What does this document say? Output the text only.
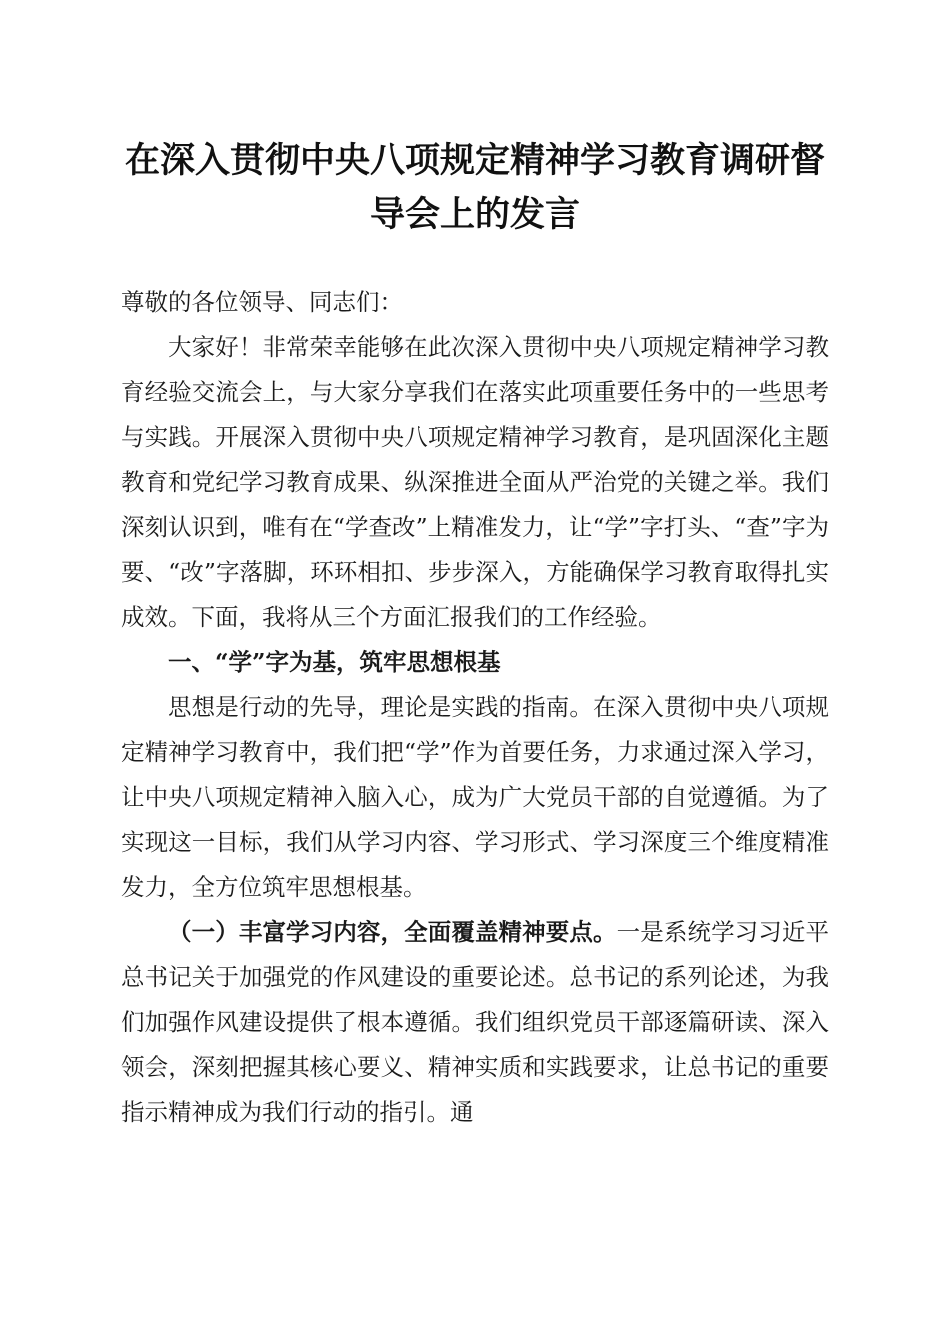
在深入贯彻中央八项规定精神学习教育调研督
导会上的发言

尊敬的各位领导、同志们：

大家好！非常荣幸能够在此次深入贯彻中央八项规定精神学习教育经验交流会上，与大家分享我们在落实此项重要任务中的一些思考与实践。开展深入贯彻中央八项规定精神学习教育，是巩固深化主题教育和党纪学习教育成果、纵深推进全面从严治党的关键之举。我们深刻认识到，唯有在“学查改”上精准发力，让“学”字打头、“查”字为要、“改”字落脚，环环相扣、步步深入，方能确保学习教育取得扎实成效。下面，我将从三个方面汇报我们的工作经验。

一、“学”字为基，筑牢思想根基

思想是行动的先导，理论是实践的指南。在深入贯彻中央八项规定精神学习教育中，我们把“学”作为首要任务，力求通过深入学习，让中央八项规定精神入脑入心，成为广大党员干部的自觉遵循。为了实现这一目标，我们从学习内容、学习形式、学习深度三个维度精准发力，全方位筑牢思想根基。

（一）丰富学习内容，全面覆盖精神要点。一是系统学习习近平总书记关于加强党的作风建设的重要论述。总书记的系列论述，为我们加强作风建设提供了根本遵循。我们组织党员干部逐篇研读、深入领会，深刻把握其核心要义、精神实质和实践要求，让总书记的重要指示精神成为我们行动的指引。通
